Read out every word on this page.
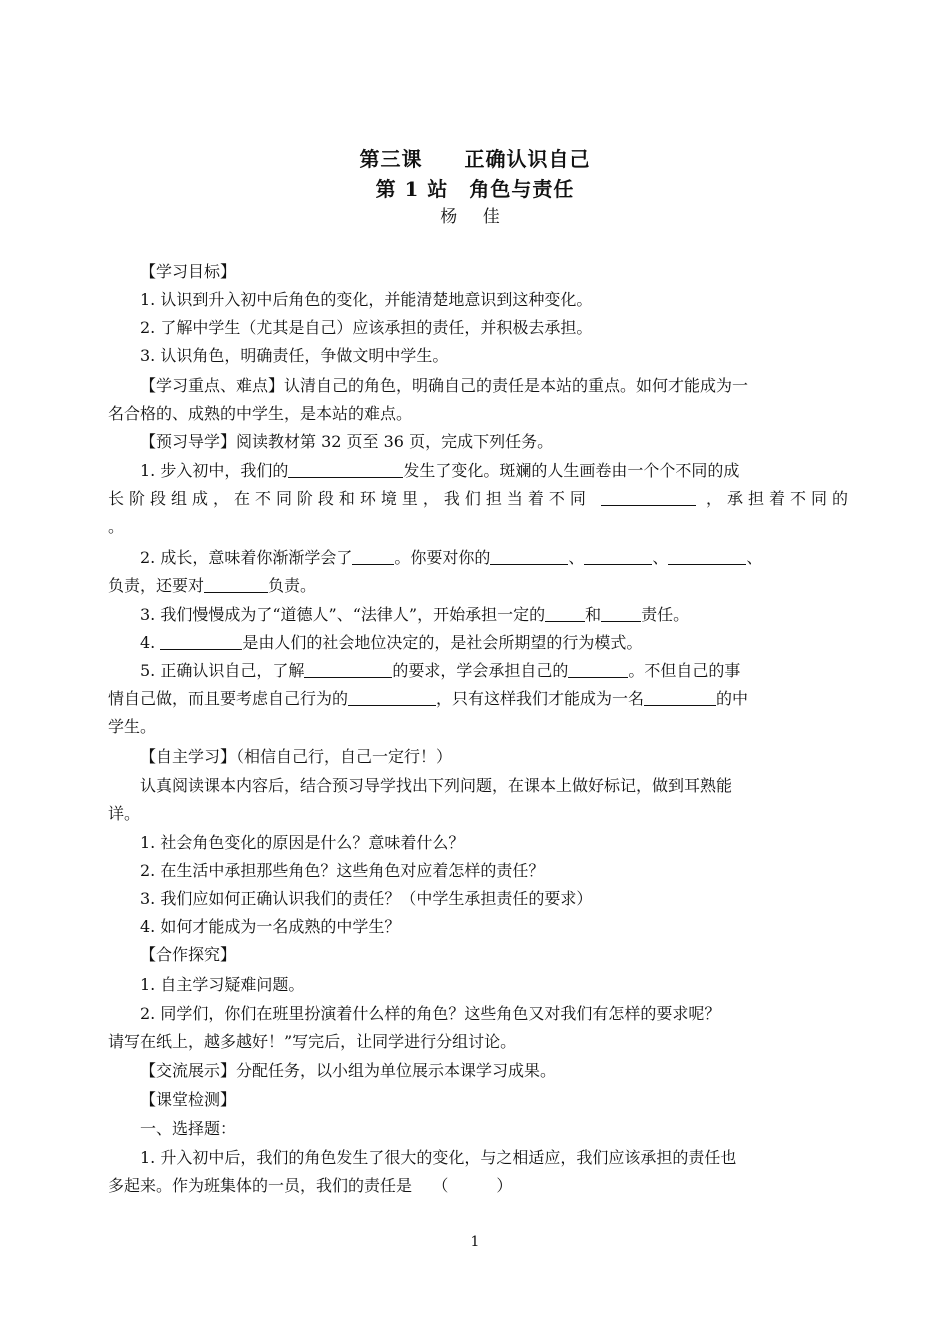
第三课　　正确认识自己
第 1 站　角色与责任
杨 佳
【学习目标】
1. 认识到升入初中后角色的变化，并能清楚地意识到这种变化。
2. 了解中学生（尤其是自己）应该承担的责任，并积极去承担。
3. 认识角色，明确责任，争做文明中学生。
【学习重点、难点】认清自己的角色，明确自己的责任是本站的重点。如何才能成为一
名合格的、成熟的中学生，是本站的难点。
【预习导学】阅读教材第 32 页至 36 页，完成下列任务。
1. 步入初中，我们的	发生了变化。斑斓的人生画卷由一个个不同的成
长阶段组成，在不同阶段和环境里，我们担当着不同	，承担着不同的
。
2. 成长，意味着你渐渐学会了	。你要对你的	、	、	、
负责，还要对	负责。
3. 我们慢慢成为了“道德人”、“法律人”，开始承担一定的	和	责任。
4.	是由人们的社会地位决定的，是社会所期望的行为模式。
5. 正确认识自己，了解	的要求，学会承担自己的	。不但自己的事
情自己做，而且要考虑自己行为的	，只有这样我们才能成为一名	的中
学生。
【自主学习】（相信自己行，自己一定行！）
认真阅读课本内容后，结合预习导学找出下列问题，在课本上做好标记，做到耳熟能
详。
1. 社会角色变化的原因是什么？意味着什么？
2. 在生活中承担那些角色？这些角色对应着怎样的责任？
3. 我们应如何正确认识我们的责任？（中学生承担责任的要求）
4. 如何才能成为一名成熟的中学生？
【合作探究】
1. 自主学习疑难问题。
2. 同学们，你们在班里扮演着什么样的角色？这些角色又对我们有怎样的要求呢？
请写在纸上，越多越好！”写完后，让同学进行分组讨论。
【交流展示】分配任务，以小组为单位展示本课学习成果。
【课堂检测】
一、选择题：
1. 升入初中后，我们的角色发生了很大的变化，与之相适应，我们应该承担的责任也
多起来。作为班集体的一员，我们的责任是 （　　　）
1
